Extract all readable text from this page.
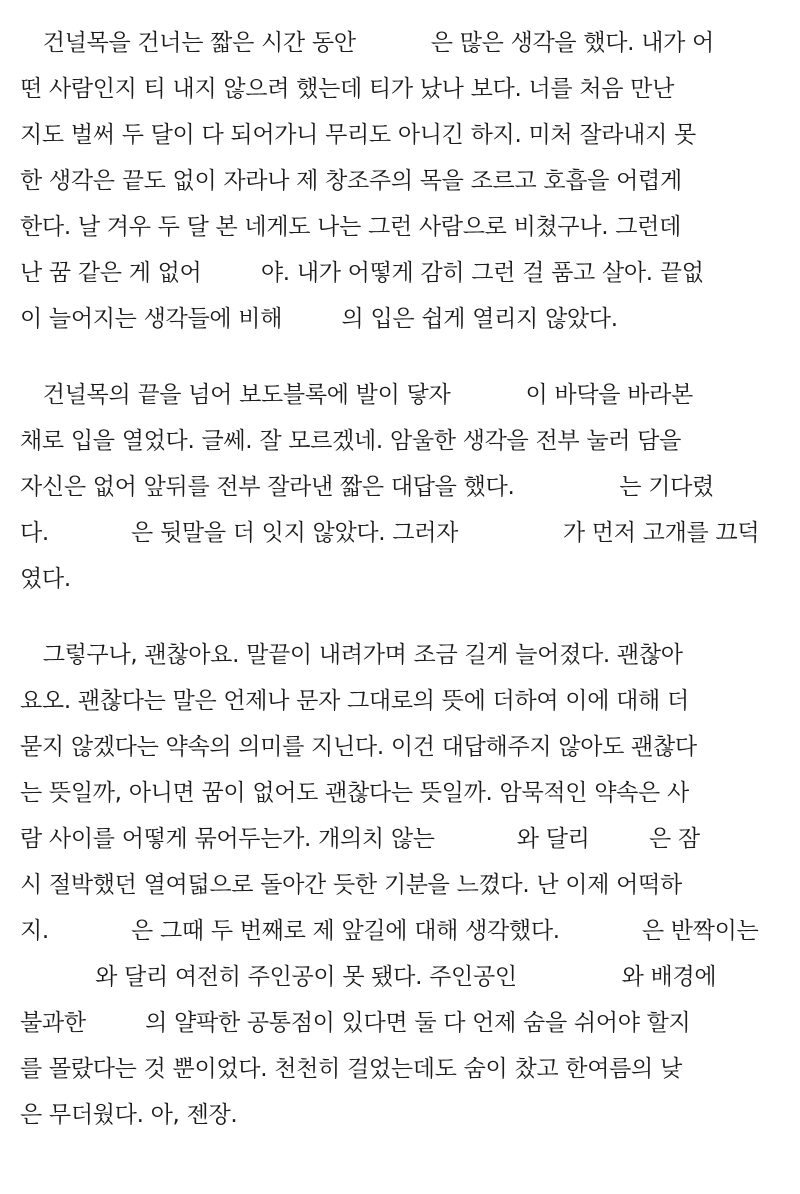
　건널목을 건너는 짧은 시간 동안 　　　은 많은 생각을 했다. 내가 어
떤 사람인지 티 내지 않으려 했는데 티가 났나 보다. 너를 처음 만난
지도 벌써 두 달이 다 되어가니 무리도 아니긴 하지. 미처 잘라내지 못
한 생각은 끝도 없이 자라나 제 창조주의 목을 조르고 호흡을 어렵게
한다. 날 겨우 두 달 본 네게도 나는 그런 사람으로 비쳤구나. 그런데
난 꿈 같은 게 없어 　　 야. 내가 어떻게 감히 그런 걸 품고 살아. 끝없
이 늘어지는 생각들에 비해 　　 의 입은 쉽게 열리지 않았다.
　건널목의 끝을 넘어 보도블록에 발이 닿자 　　　이 바닥을 바라본
채로 입을 열었다. 글쎄. 잘 모르겠네. 암울한 생각을 전부 눌러 담을
자신은 없어 앞뒤를 전부 잘라낸 짧은 대답을 했다. 　　　　 는 기다렸
다. 　　　 은 뒷말을 더 잇지 않았다. 그러자 　　　　 가 먼저 고개를 끄덕
였다.
　그렇구나, 괜찮아요. 말끝이 내려가며 조금 길게 늘어졌다. 괜찮아
요오. 괜찮다는 말은 언제나 문자 그대로의 뜻에 더하여 이에 대해 더
묻지 않겠다는 약속의 의미를 지닌다. 이건 대답해주지 않아도 괜찮다
는 뜻일까, 아니면 꿈이 없어도 괜찮다는 뜻일까. 암묵적인 약속은 사
람 사이를 어떻게 묶어두는가. 개의치 않는 　　　 와 달리 　　 은 잠
시 절박했던 열여덟으로 돌아간 듯한 기분을 느꼈다. 난 이제 어떡하
지. 　　　 은 그때 두 번째로 제 앞길에 대해 생각했다. 　　　 은 반짝이는
　　　 와 달리 여전히 주인공이 못 됐다. 주인공인 　　　　 와 배경에
불과한 　　 의 얄팍한 공통점이 있다면 둘 다 언제 숨을 쉬어야 할지
를 몰랐다는 것 뿐이었다. 천천히 걸었는데도 숨이 찼고 한여름의 낮
은 무더웠다. 아, 젠장.
